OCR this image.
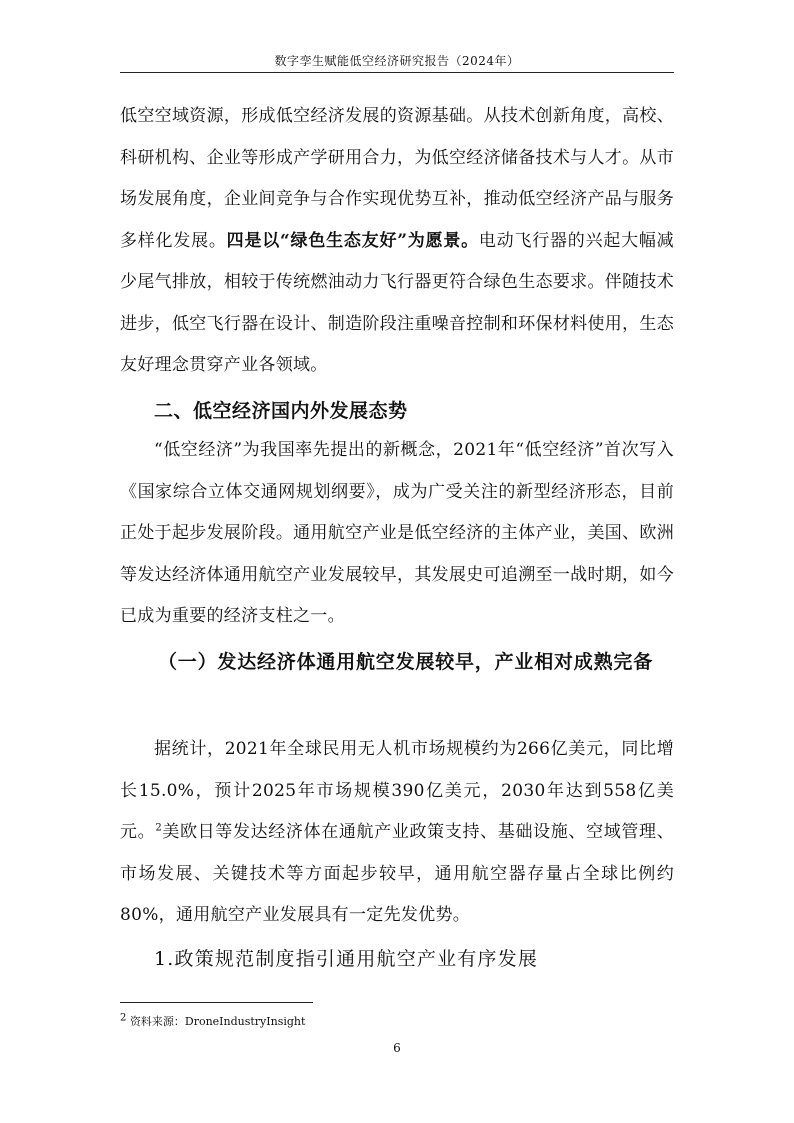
数字孪生赋能低空经济研究报告（2024年）

低空空域资源，形成低空经济发展的资源基础。从技术创新角度，高校、科研机构、企业等形成产学研用合力，为低空经济储备技术与人才。从市场发展角度，企业间竞争与合作实现优势互补，推动低空经济产品与服务多样化发展。四是以“绿色生态友好”为愿景。电动飞行器的兴起大幅减少尾气排放，相较于传统燃油动力飞行器更符合绿色生态要求。伴随技术进步，低空飞行器在设计、制造阶段注重噪音控制和环保材料使用，生态友好理念贯穿产业各领域。

二、低空经济国内外发展态势

“低空经济”为我国率先提出的新概念，2021年“低空经济”首次写入《国家综合立体交通网规划纲要》，成为广受关注的新型经济形态，目前正处于起步发展阶段。通用航空产业是低空经济的主体产业，美国、欧洲等发达经济体通用航空产业发展较早，其发展史可追溯至一战时期，如今已成为重要的经济支柱之一。

（一）发达经济体通用航空发展较早，产业相对成熟完备

据统计，2021年全球民用无人机市场规模约为266亿美元，同比增长15.0%，预计2025年市场规模390亿美元，2030年达到558亿美元。$^2$美欧日等发达经济体在通航产业政策支持、基础设施、空域管理、市场发展、关键技术等方面起步较早，通用航空器存量占全球比例约80%，通用航空产业发展具有一定先发优势。

1.政策规范制度指引通用航空产业有序发展
$^2$ 资料来源：DroneIndustryInsight
6
